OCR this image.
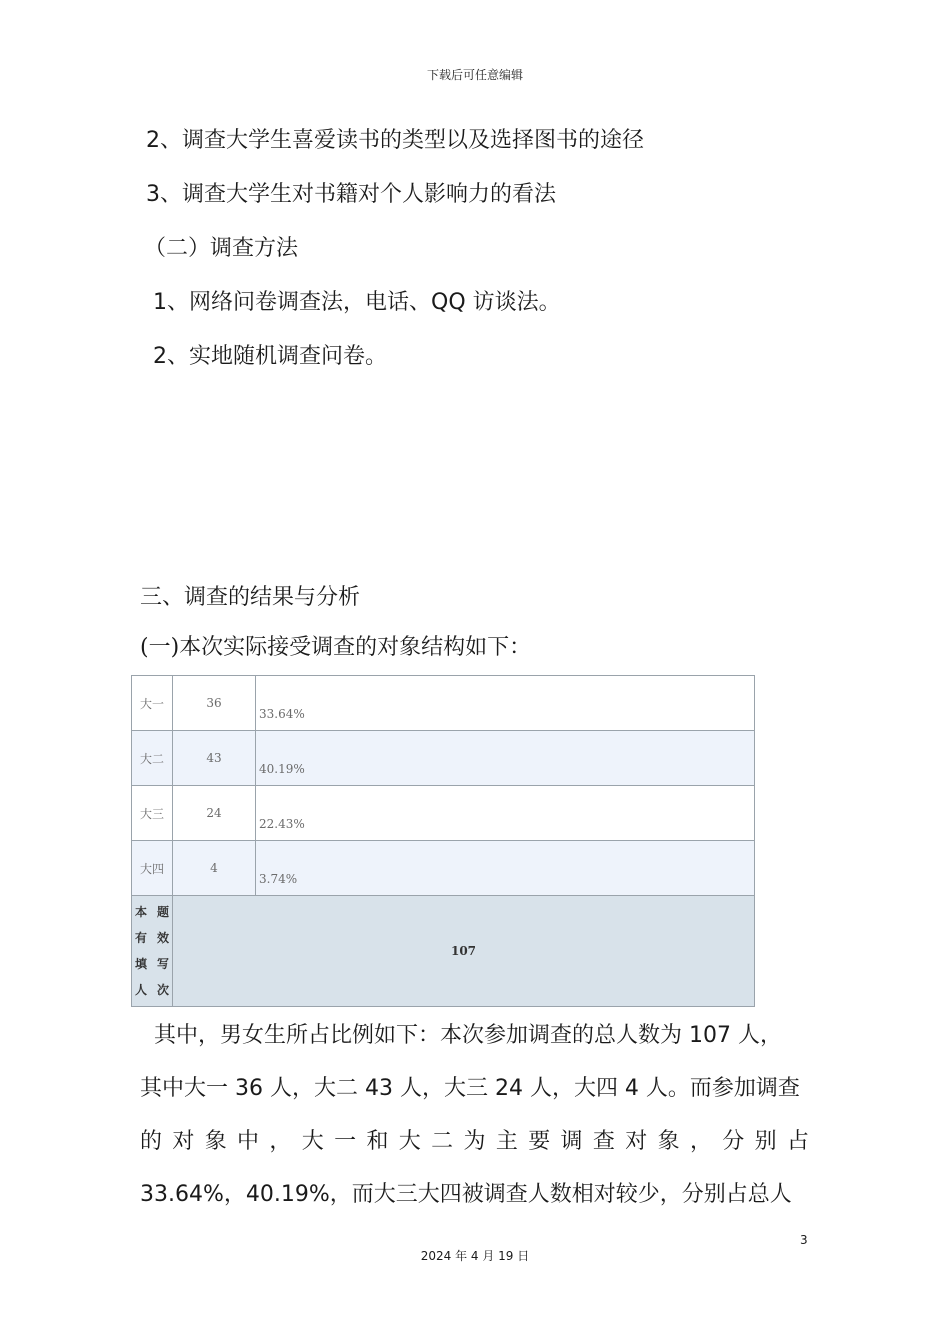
下载后可任意编辑

2、调查大学生喜爱读书的类型以及选择图书的途径

3、调查大学生对书籍对个人影响力的看法

（二）调查方法

1、网络问卷调查法，电话、QQ 访谈法。

2、实地随机调查问卷。

三、调查的结果与分析

(一)本次实际接受调查的对象结构如下：

大一	36	33.64%
大二	43	40.19%
大三	24	22.43%
大四	4	3.74%

本 题
有 效
填 写
人次	107	
其中，男女生所占比例如下：本次参加调查的总人数为 107 人，
其中大一 36 人，大二 43 人，大三 24 人，大四 4 人。而参加调查
的对象中，大一和大二为主要调查对象，分别占
33.64%，40.19%，而大三大四被调查人数相对较少，分别占总人
3
2024 年 4 月 19 日
